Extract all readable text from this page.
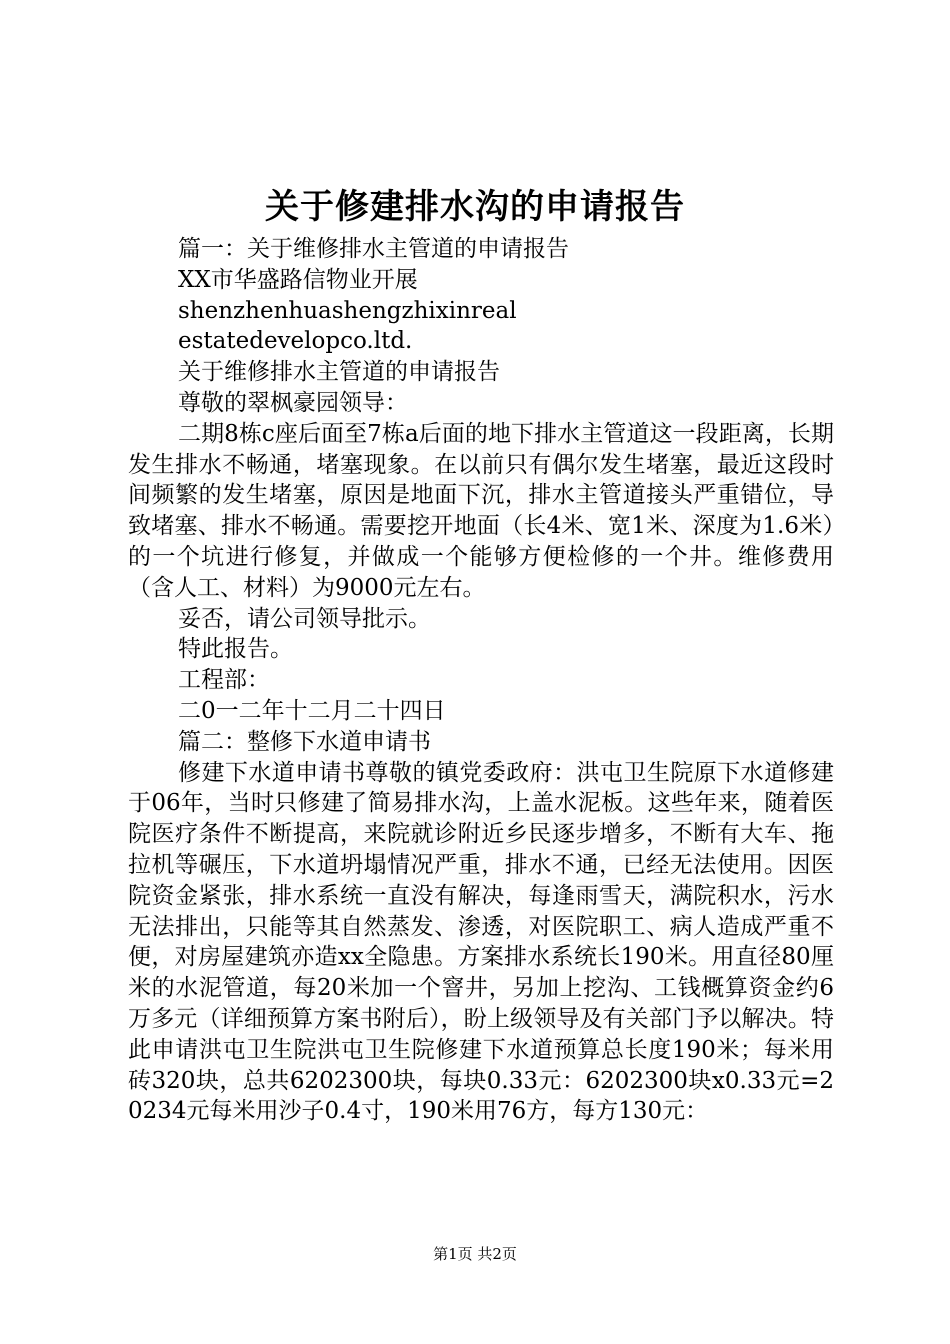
关于修建排水沟的申请报告

篇一：关于维修排水主管道的申请报告

XX市华盛路信物业开展

shenzhenhuashengzhixinreal

estatedevelopco.ltd.

关于维修排水主管道的申请报告

尊敬的翠枫豪园领导：

二期8栋c座后面至7栋a后面的地下排水主管道这一段距离，长期发生排水不畅通，堵塞现象。在以前只有偶尔发生堵塞，最近这段时间频繁的发生堵塞，原因是地面下沉，排水主管道接头严重错位，导致堵塞、排水不畅通。需要挖开地面（长4米、宽1米、深度为1.6米）的一个坑进行修复，并做成一个能够方便检修的一个井。维修费用（含人工、材料）为9000元左右。

妥否，请公司领导批示。

特此报告。

工程部：

二0一二年十二月二十四日

篇二：整修下水道申请书

修建下水道申请书尊敬的镇党委政府：洪屯卫生院原下水道修建于06年，当时只修建了简易排水沟，上盖水泥板。这些年来，随着医院医疗条件不断提高，来院就诊附近乡民逐步增多，不断有大车、拖拉机等碾压，下水道坍塌情况严重，排水不通，已经无法使用。因医院资金紧张，排水系统一直没有解决，每逢雨雪天，满院积水，污水无法排出，只能等其自然蒸发、渗透，对医院职工、病人造成严重不便，对房屋建筑亦造xx全隐患。方案排水系统长190米。用直径80厘米的水泥管道，每20米加一个窨井，另加上挖沟、工钱概算资金约6万多元（详细预算方案书附后），盼上级领导及有关部门予以解决。特此申请洪屯卫生院洪屯卫生院修建下水道预算总长度190米；每米用砖320块，总共6202300块，每块0.33元：6202300块x0.33元=20234元每米用沙子0.4寸，190米用76方，每方130元：

第1页 共2页
